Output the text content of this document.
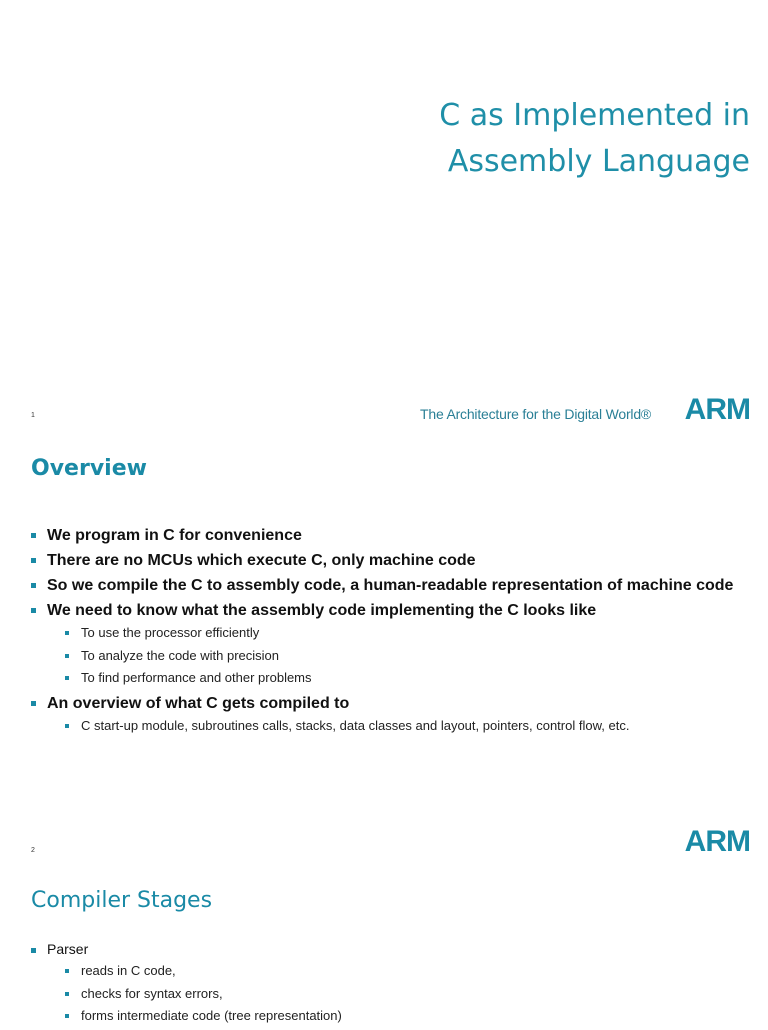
C as Implemented in
Assembly Language
1	The Architecture for the Digital World® ARM
Overview
We program in C for convenience
There are no MCUs which execute C, only machine code
So we compile the C to assembly code, a human-readable representation of machine code
We need to know what the assembly code implementing the C looks like
To use the processor efficiently
To analyze the code with precision
To find performance and other problems
An overview of what C gets compiled to
C start-up module, subroutines calls, stacks, data classes and layout, pointers, control flow, etc.
2	ARM
Compiler Stages
Parser
reads in C code,
checks for syntax errors,
forms intermediate code (tree representation)
